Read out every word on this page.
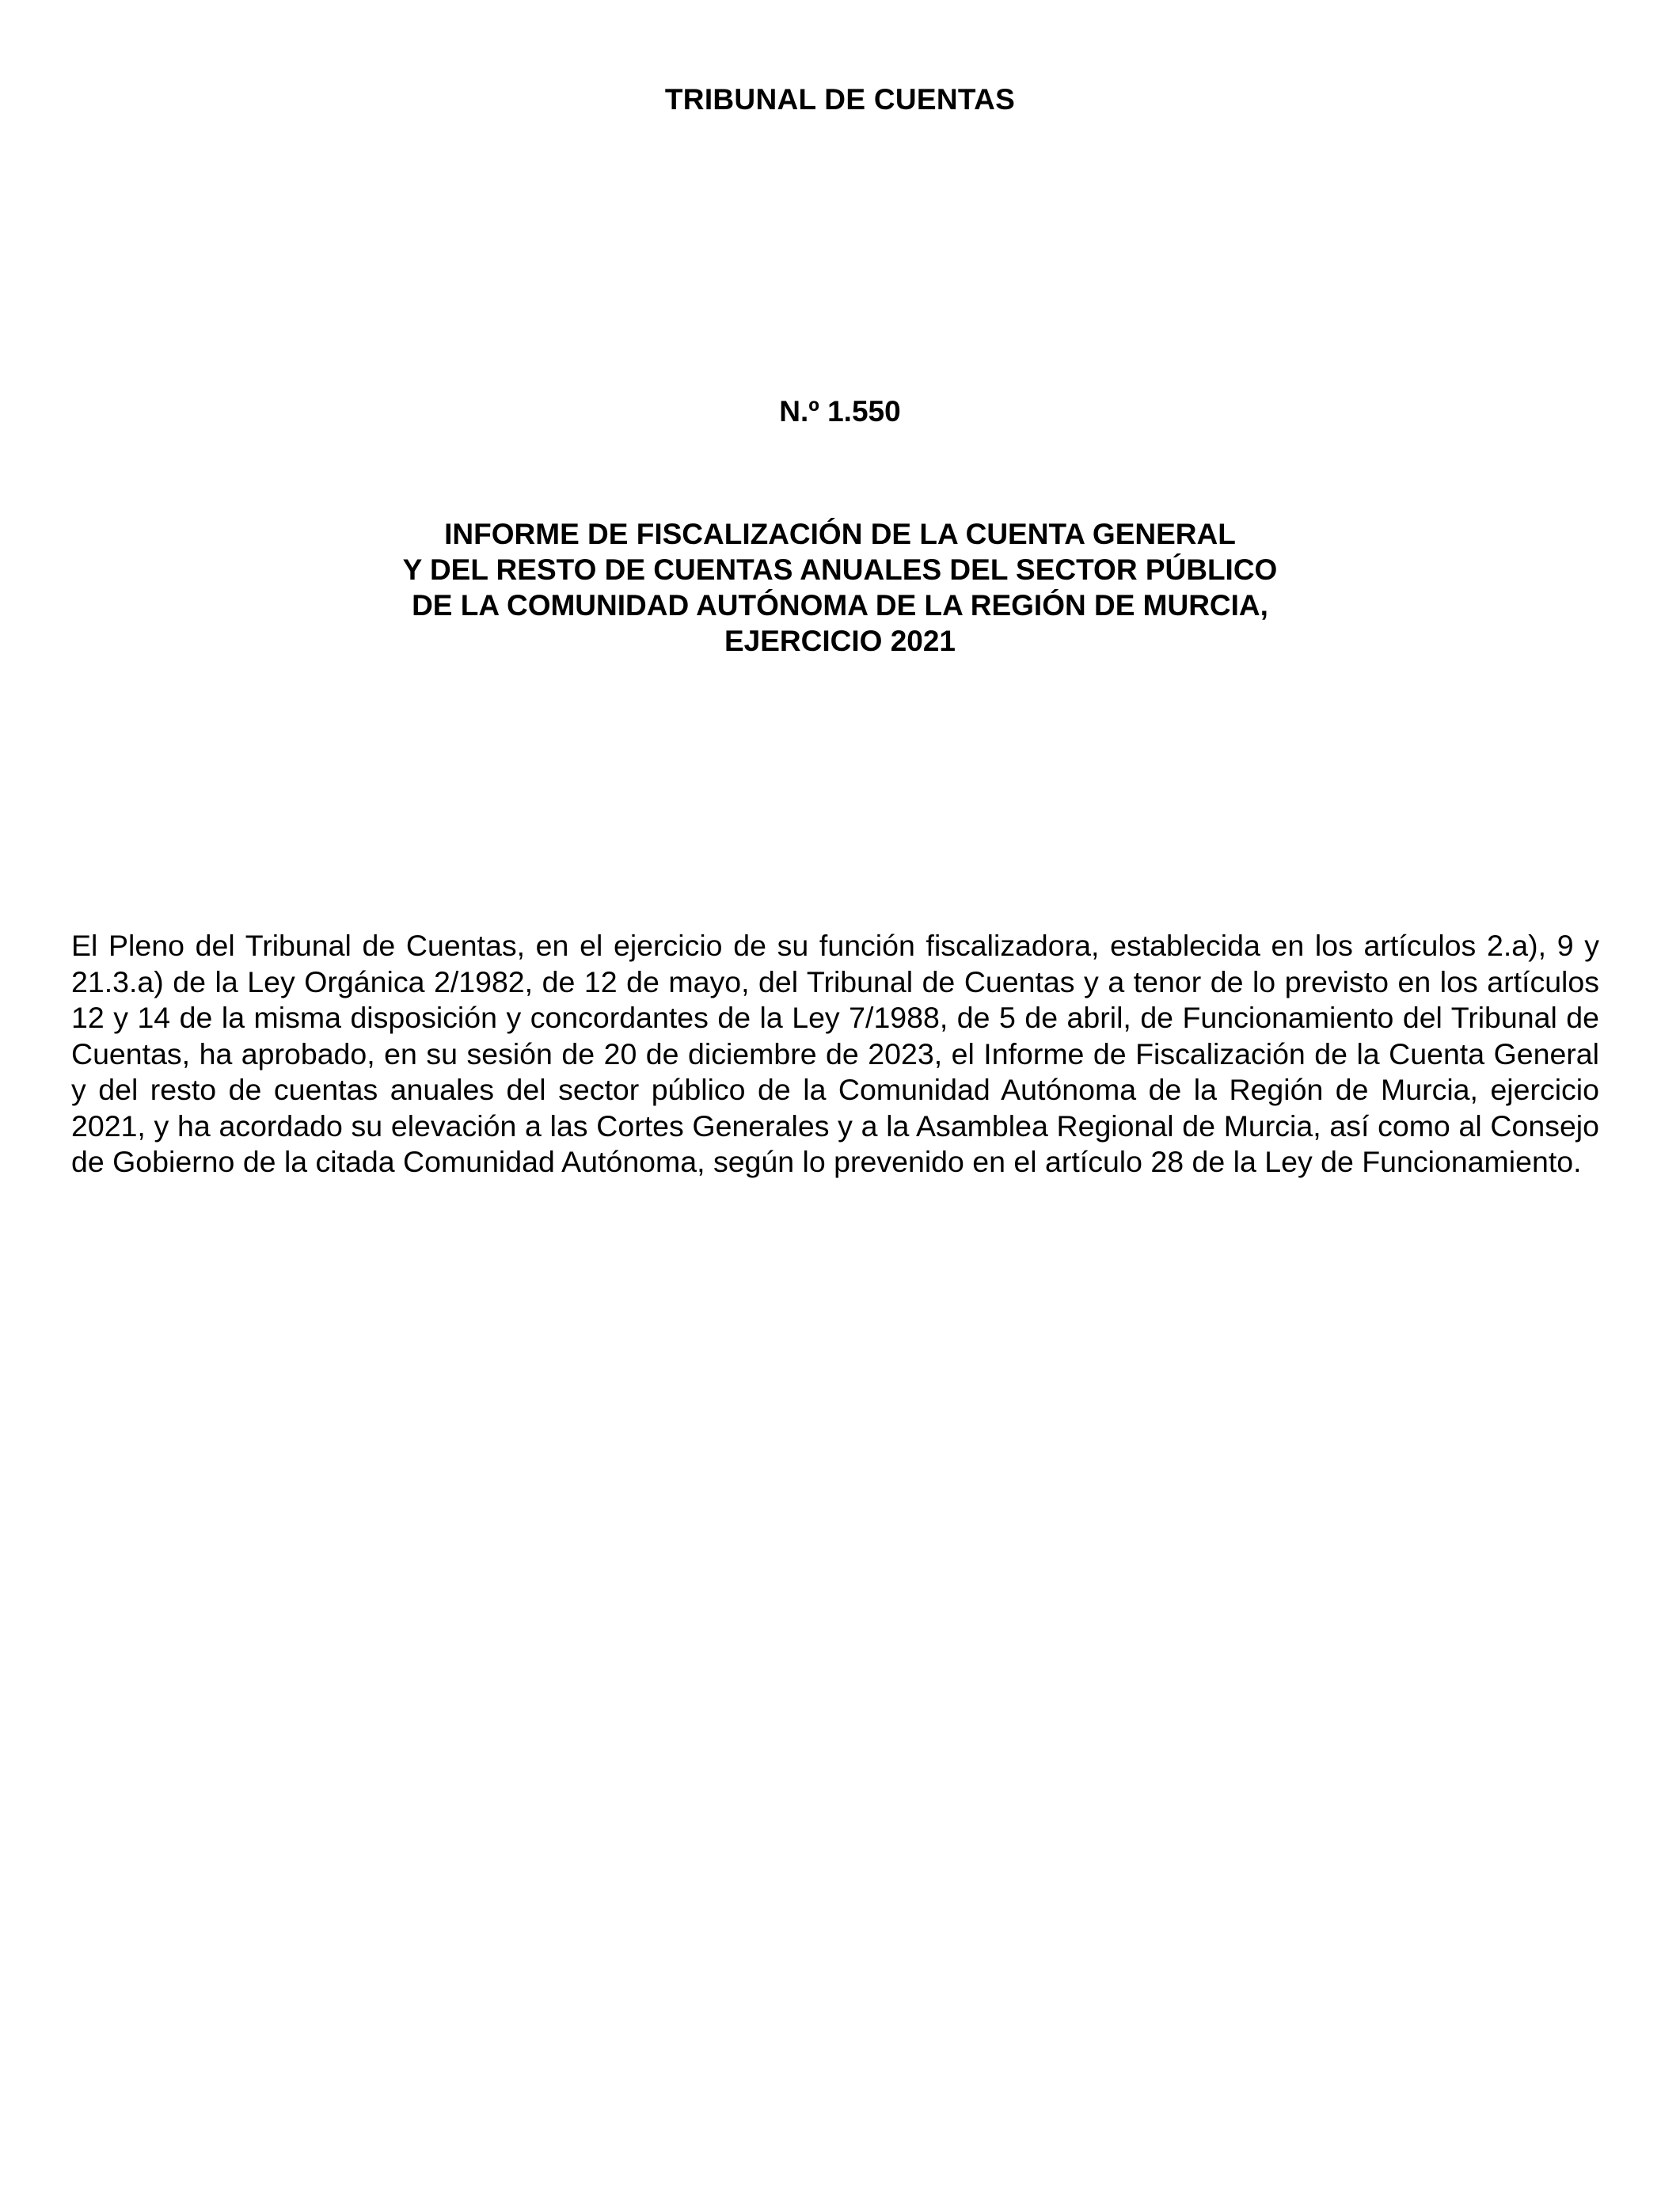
TRIBUNAL DE CUENTAS
N.º 1.550
INFORME DE FISCALIZACIÓN DE LA CUENTA GENERAL
Y DEL RESTO DE CUENTAS ANUALES DEL SECTOR PÚBLICO
DE LA COMUNIDAD AUTÓNOMA DE LA REGIÓN DE MURCIA,
EJERCICIO 2021

El Pleno del Tribunal de Cuentas, en el ejercicio de su función fiscalizadora, establecida en los artículos 2.a), 9 y 21.3.a) de la Ley Orgánica 2/1982, de 12 de mayo, del Tribunal de Cuentas y a tenor de lo previsto en los artículos 12 y 14 de la misma disposición y concordantes de la Ley 7/1988, de 5 de abril, de Funcionamiento del Tribunal de Cuentas, ha aprobado, en su sesión de 20 de diciembre de 2023, el Informe de Fiscalización de la Cuenta General y del resto de cuentas anuales del sector público de la Comunidad Autónoma de la Región de Murcia, ejercicio 2021, y ha acordado su elevación a las Cortes Generales y a la Asamblea Regional de Murcia, así como al Consejo de Gobierno de la citada Comunidad Autónoma, según lo prevenido en el artículo 28 de la Ley de Funcionamiento.
